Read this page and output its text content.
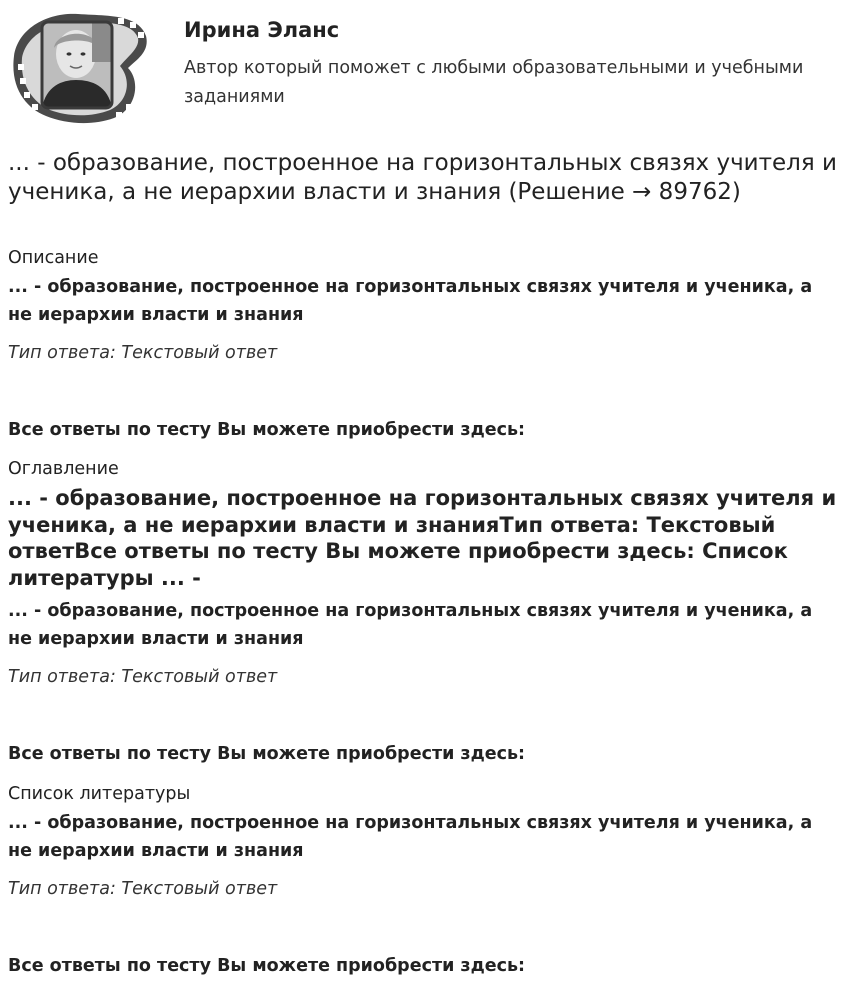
Ирина Эланс
Автор который поможет с любыми образовательными и учебными заданиями
... - образование, построенное на горизонтальных связях учителя и ученика, а не иерархии власти и знания (Решение → 89762)

Описание

... - образование, построенное на горизонтальных связях учителя и ученика, а не иерархии власти и знания

Тип ответа: Текстовый ответ

Все ответы по тесту Вы можете приобрести здесь:

Оглавление

... - образование, построенное на горизонтальных связях учителя и ученика, а не иерархии власти и знанияТип ответа: Текстовый ответВсе ответы по тесту Вы можете приобрести здесь: Список литературы ... -

... - образование, построенное на горизонтальных связях учителя и ученика, а не иерархии власти и знания

Тип ответа: Текстовый ответ

Все ответы по тесту Вы можете приобрести здесь:

Список литературы

... - образование, построенное на горизонтальных связях учителя и ученика, а не иерархии власти и знания

Тип ответа: Текстовый ответ

Все ответы по тесту Вы можете приобрести здесь:
